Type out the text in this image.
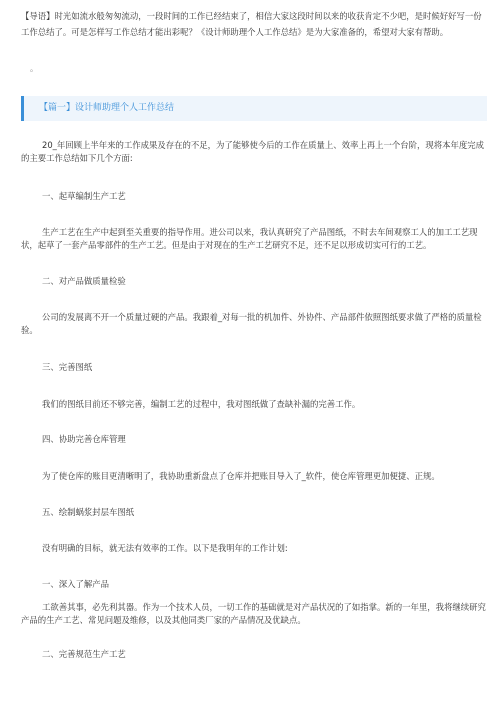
【导语】时光如流水般匆匆流动，一段时间的工作已经结束了，相信大家这段时间以来的收获肯定不少吧，是时候好好写一份工作总结了。可是怎样写工作总结才能出彩呢？《设计师助理个人工作总结》是为大家准备的，希望对大家有帮助。

。

【篇一】设计师助理个人工作总结

20_年回顾上半年来的工作成果及存在的不足，为了能够使今后的工作在质量上、效率上再上一个台阶，现将本年度完成的主要工作总结如下几个方面:

一、起草编制生产工艺

生产工艺在生产中起到至关重要的指导作用。进公司以来，我认真研究了产品图纸，不时去车间观察工人的加工工艺现状，起草了一套产品零部件的生产工艺。但是由于对现在的生产工艺研究不足，还不足以形成切实可行的工艺。

二、对产品做质量检验

公司的发展离不开一个质量过硬的产品。我跟着_对每一批的机加件、外协件、产品部件依照图纸要求做了严格的质量检验。

三、完善图纸

我们的图纸目前还不够完善，编制工艺的过程中，我对图纸做了查缺补漏的完善工作。

四、协助完善仓库管理

为了使仓库的账目更清晰明了，我协助重新盘点了仓库并把账目导入了_软件，使仓库管理更加便捷、正规。

五、绘制蜗浆封层车图纸

没有明确的目标，就无法有效率的工作。以下是我明年的工作计划:

一、深入了解产品

工欲善其事，必先利其器。作为一个技术人员，一切工作的基础就是对产品状况的了如指掌。新的一年里，我将继续研究产品的生产工艺、常见问题及维修，以及其他同类厂家的产品情况及优缺点。

二、完善规范生产工艺
